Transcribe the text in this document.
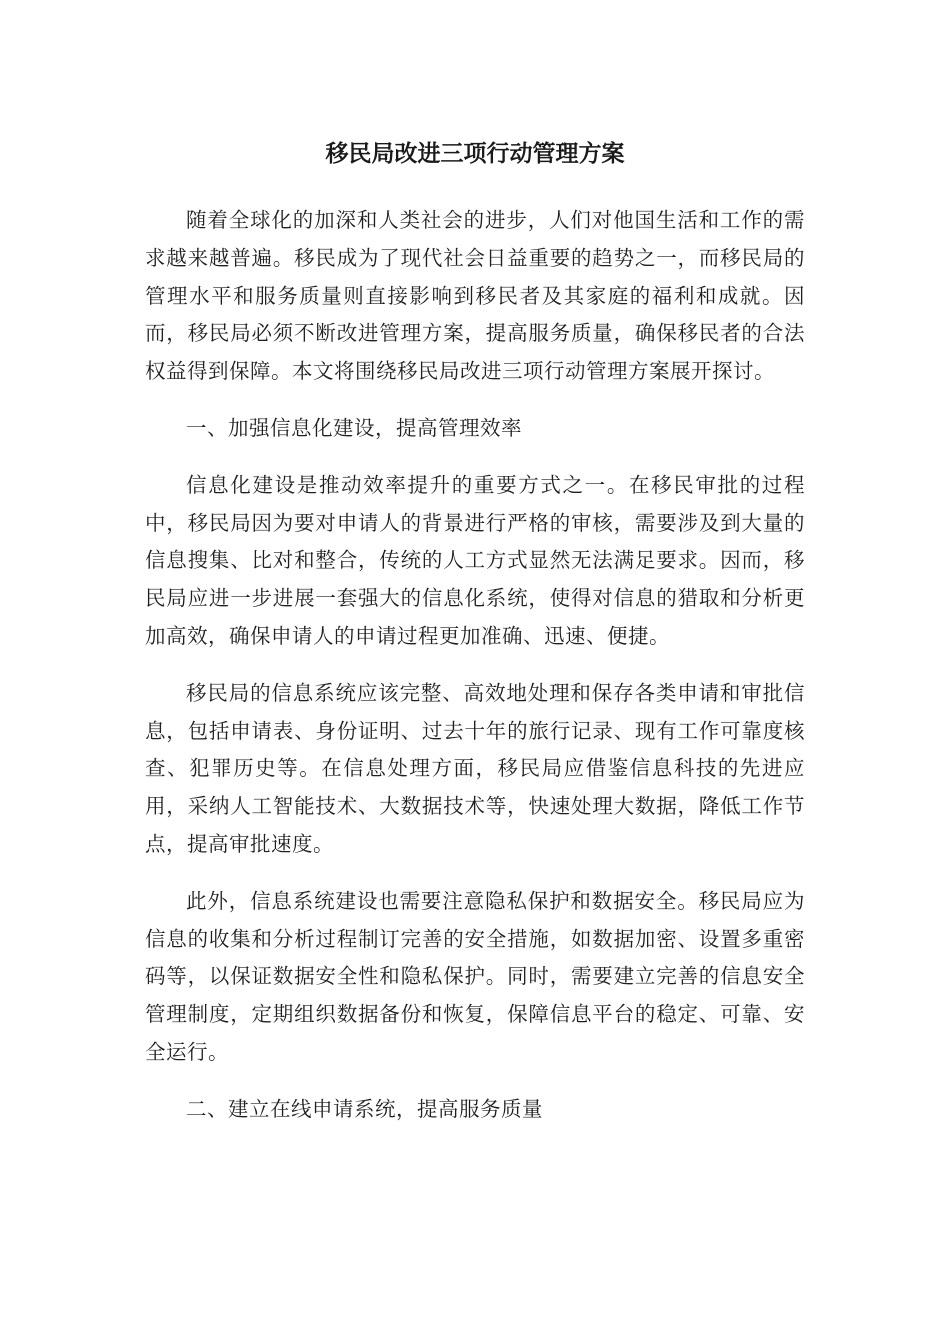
移民局改进三项行动管理方案

随着全球化的加深和人类社会的进步，人们对他国生活和工作的需求越来越普遍。移民成为了现代社会日益重要的趋势之一，而移民局的管理水平和服务质量则直接影响到移民者及其家庭的福利和成就。因而，移民局必须不断改进管理方案，提高服务质量，确保移民者的合法权益得到保障。本文将围绕移民局改进三项行动管理方案展开探讨。

一、加强信息化建设，提高管理效率

信息化建设是推动效率提升的重要方式之一。在移民审批的过程中，移民局因为要对申请人的背景进行严格的审核，需要涉及到大量的信息搜集、比对和整合，传统的人工方式显然无法满足要求。因而，移民局应进一步进展一套强大的信息化系统，使得对信息的猎取和分析更加高效，确保申请人的申请过程更加准确、迅速、便捷。

移民局的信息系统应该完整、高效地处理和保存各类申请和审批信息，包括申请表、身份证明、过去十年的旅行记录、现有工作可靠度核查、犯罪历史等。在信息处理方面，移民局应借鉴信息科技的先进应用，采纳人工智能技术、大数据技术等，快速处理大数据，降低工作节点，提高审批速度。

此外，信息系统建设也需要注意隐私保护和数据安全。移民局应为信息的收集和分析过程制订完善的安全措施，如数据加密、设置多重密码等，以保证数据安全性和隐私保护。同时，需要建立完善的信息安全管理制度，定期组织数据备份和恢复，保障信息平台的稳定、可靠、安全运行。

二、建立在线申请系统，提高服务质量
